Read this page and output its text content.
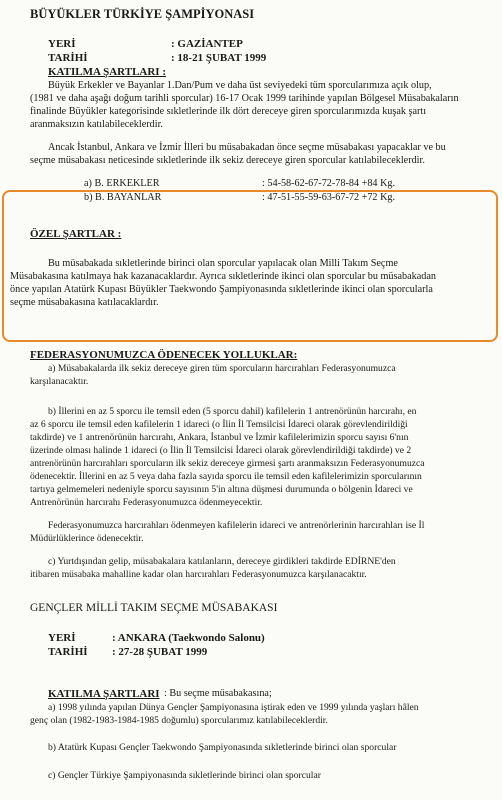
BÜYÜKLER TÜRKİYE ŞAMPİYONASI
YERİ	: GAZİANTEP
TARİHİ	: 18-21 ŞUBAT 1999
KATILMA ŞARTLARI :
Büyük Erkekler ve Bayanlar 1.Dan/Pum ve daha üst seviyedeki tüm sporcularımıza açık olup,
(1981 ve daha aşağı doğum tarihli sporcular) 16-17 Ocak 1999 tarihinde yapılan Bölgesel Müsabakaların
finalinde Büyükler kategorisinde sıkletlerinde ilk dört dereceye giren sporcularımızda kuşak şartı
aranmaksızın katılabileceklerdir.
Ancak İstanbul, Ankara ve İzmir İlleri bu müsabakadan önce seçme müsabakası yapacaklar ve bu
seçme müsabakası neticesinde sıkletlerinde ilk sekiz dereceye giren sporcular katılabileceklerdir.
a) B. ERKEKLER	: 54-58-62-67-72-78-84 +84 Kg.
b) B. BAYANLAR	: 47-51-55-59-63-67-72 +72 Kg.
ÖZEL ŞARTLAR :
Bu müsabakada sıkletlerinde birinci olan sporcular yapılacak olan Milli Takım Seçme
Müsabakasına katılmaya hak kazanacaklardır. Ayrıca sıkletlerinde ikinci olan sporcular bu müsabakadan
önce yapılan Atatürk Kupası Büyükler Taekwondo Şampiyonasında sıkletlerinde ikinci olan sporcularla
seçme müsabakasına katılacaklardır.
FEDERASYONUMUZCA ÖDENECEK YOLLUKLAR:
a) Müsabakalarda ilk sekiz dereceye giren tüm sporcuların harcırahları Federasyonumuzca
karşılanacaktır.
b) İllerini en az 5 sporcu ile temsil eden (5 sporcu dahil) kafilelerin 1 antrenörünün harcırahı, en
az 6 sporcu ile temsil eden kafilelerin 1 idareci (o İlin İl Temsilcisi İdareci olarak görevlendirildiği
takdirde) ve 1 antrenörünün harcırahı, Ankara, İstanbul ve İzmir kafilelerimizin sporcu sayısı 6'nın
üzerinde olması halinde 1 idareci (o İlin İl Temsilcisi İdareci olarak görevlendirildiği takdirde) ve 2
antrenörünün harcırahları sporcuların ilk sekiz dereceye girmesi şartı aranmaksızın Federasyonumuzca
ödenecektir. İllerini en az 5 veya daha fazla sayıda sporcu ile temsil eden kafilelerimizin sporcularının
tartıya gelmemeleri nedeniyle sporcu sayısının 5'in altına düşmesi durumunda o bölgenin İdareci ve
Antrenörünün harcırahı Federasyonumuzca ödenmeyecektir.
Federasyonumuzca harcırahları ödenmeyen kafilelerin idareci ve antrenörlerinin harcırahları ise İl
Müdürlüklerince ödenecektir.
c) Yurtdışından gelip, müsabakalara katılanların, dereceye girdikleri takdirde EDİRNE'den
itibaren müsabaka mahalline kadar olan harcırahları Federasyonumuzca karşılanacaktır.
GENÇLER MİLLİ TAKIM SEÇME MÜSABAKASI
YERİ	: ANKARA (Taekwondo Salonu)
TARİHİ : 27-28 ŞUBAT 1999
KATILMA ŞARTLARI : Bu seçme müsabakasına;
a) 1998 yılında yapılan Dünya Gençler Şampiyonasına iştirak eden ve 1999 yılında yaşları hâlen
genç olan (1982-1983-1984-1985 doğumlu) sporcularımız katılabileceklerdir.
b) Atatürk Kupası Gençler Taekwondo Şampiyonasında sıkletlerinde birinci olan sporcular
c) Gençler Türkiye Şampiyonasında sıkletlerinde birinci olan sporcular
